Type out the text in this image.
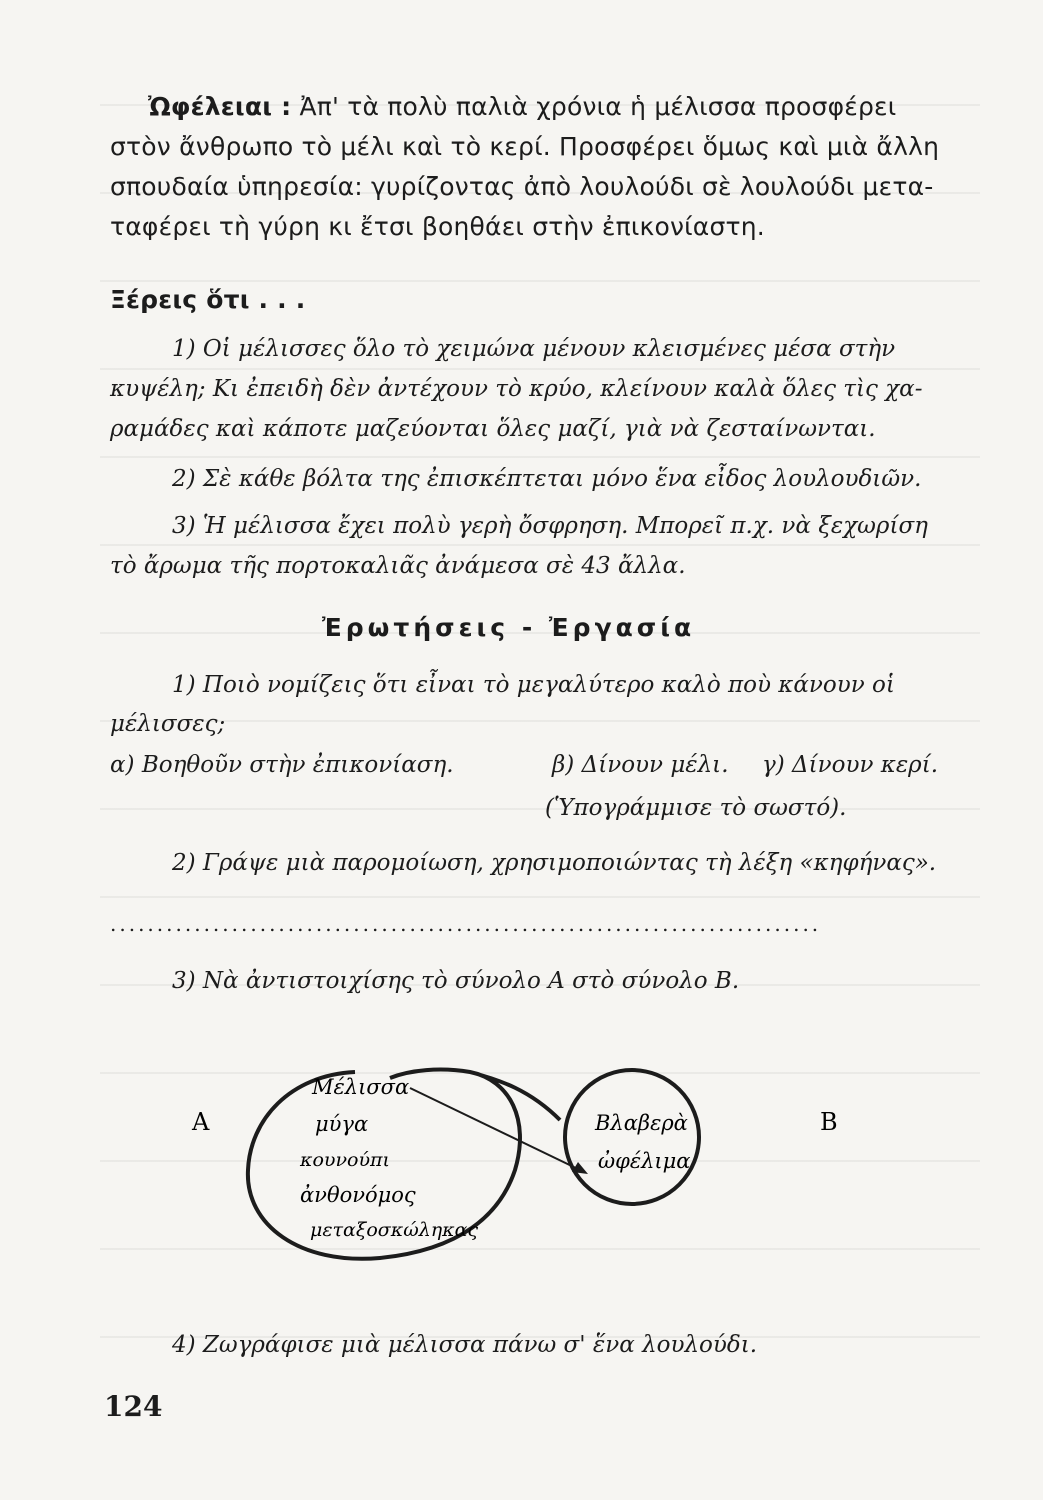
Ὠφέλειαι : Ἀπ' τὰ πολὺ παλιὰ χρόνια ἡ μέλισσα προσφέρει
στὸν ἄνθρωπο τὸ μέλι καὶ τὸ κερί. Προσφέρει ὅμως καὶ μιὰ ἄλλη
σπουδαία ὑπηρεσία: γυρίζοντας ἀπὸ λουλούδι σὲ λουλούδι μετα-
ταφέρει τὴ γύρη κι ἔτσι βοηθάει στὴν ἐπικονίαστη.
Ξέρεις ὅτι . . .
1) Οἱ μέλισσες ὅλο τὸ χειμώνα μένουν κλεισμένες μέσα στὴν
κυψέλη; Κι ἐπειδὴ δὲν ἀντέχουν τὸ κρύο, κλείνουν καλὰ ὅλες τὶς χα-
ραμάδες καὶ κάποτε μαζεύονται ὅλες μαζί, γιὰ νὰ ζεσταίνωνται.
2) Σὲ κάθε βόλτα της ἐπισκέπτεται μόνο ἕνα εἶδος λουλουδιῶν.
3) Ἡ μέλισσα ἔχει πολὺ γερὴ ὄσφρηση. Μπορεῖ π.χ. νὰ ξεχωρίση
τὸ ἄρωμα τῆς πορτοκαλιᾶς ἀνάμεσα σὲ 43 ἄλλα.
Ἐρωτήσεις - Ἐργασία
1) Ποιὸ νομίζεις ὅτι εἶναι τὸ μεγαλύτερο καλὸ ποὺ κάνουν οἱ
μέλισσες;
α) Βοηθοῦν στὴν ἐπικονίαση.	β) Δίνουν μέλι. γ) Δίνουν κερί.
(Ὑπογράμμισε τὸ σωστό).
2) Γράψε μιὰ παρομοίωση, χρησιμοποιώντας τὴ λέξη «κηφήνας».
............................................................................
3) Νὰ ἀντιστοιχίσης τὸ σύνολο Α στὸ σύνολο Β.
A	B
Μέλισσα
μύγα
κουνούπι
ἀνθονόμος
μεταξοσκώληκας
Βλαβερὰ
ὠφέλιμα
4) Ζωγράφισε μιὰ μέλισσα πάνω σ' ἕνα λουλούδι.
124
